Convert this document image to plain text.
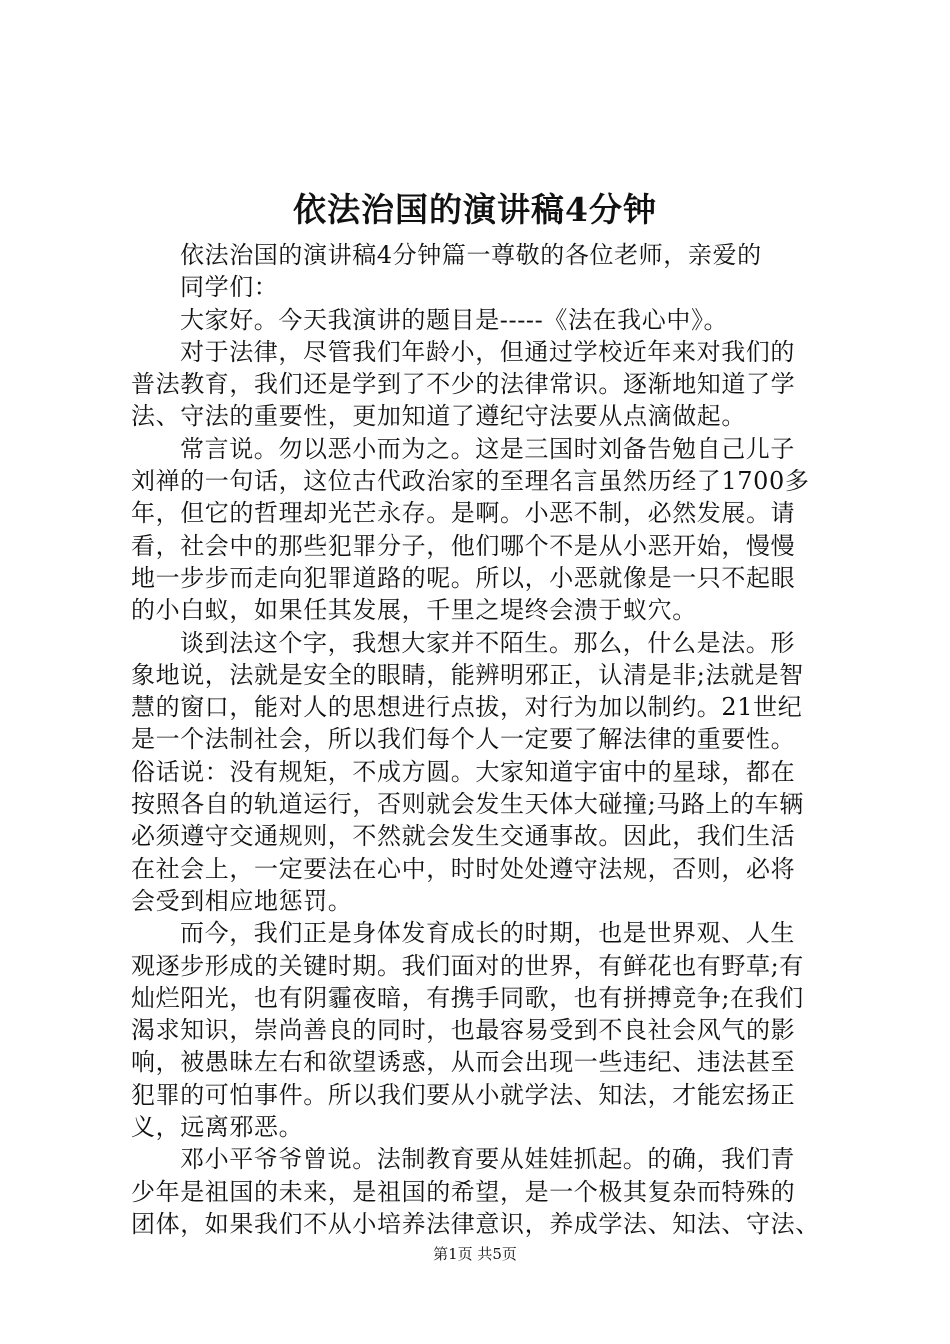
依法治国的演讲稿4分钟
依法治国的演讲稿4分钟篇一尊敬的各位老师，亲爱的
同学们：
大家好。今天我演讲的题目是-----《法在我心中》。
对于法律，尽管我们年龄小，但通过学校近年来对我们的
普法教育，我们还是学到了不少的法律常识。逐渐地知道了学
法、守法的重要性，更加知道了遵纪守法要从点滴做起。
常言说。勿以恶小而为之。这是三国时刘备告勉自己儿子
刘禅的一句话，这位古代政治家的至理名言虽然历经了1700多
年，但它的哲理却光芒永存。是啊。小恶不制，必然发展。请
看，社会中的那些犯罪分子，他们哪个不是从小恶开始，慢慢
地一步步而走向犯罪道路的呢。所以，小恶就像是一只不起眼
的小白蚁，如果任其发展，千里之堤终会溃于蚁穴。
谈到法这个字，我想大家并不陌生。那么，什么是法。形
象地说，法就是安全的眼睛，能辨明邪正，认清是非;法就是智
慧的窗口，能对人的思想进行点拔，对行为加以制约。21世纪
是一个法制社会，所以我们每个人一定要了解法律的重要性。
俗话说：没有规矩，不成方圆。大家知道宇宙中的星球，都在
按照各自的轨道运行，否则就会发生天体大碰撞;马路上的车辆
必须遵守交通规则，不然就会发生交通事故。因此，我们生活
在社会上，一定要法在心中，时时处处遵守法规，否则，必将
会受到相应地惩罚。
而今，我们正是身体发育成长的时期，也是世界观、人生
观逐步形成的关键时期。我们面对的世界，有鲜花也有野草;有
灿烂阳光，也有阴霾夜暗，有携手同歌，也有拼搏竞争;在我们
渴求知识，崇尚善良的同时，也最容易受到不良社会风气的影
响，被愚昧左右和欲望诱惑，从而会出现一些违纪、违法甚至
犯罪的可怕事件。所以我们要从小就学法、知法，才能宏扬正
义，远离邪恶。
邓小平爷爷曾说。法制教育要从娃娃抓起。的确，我们青
少年是祖国的未来，是祖国的希望，是一个极其复杂而特殊的
团体，如果我们不从小培养法律意识，养成学法、知法、守法、
第1页 共5页
